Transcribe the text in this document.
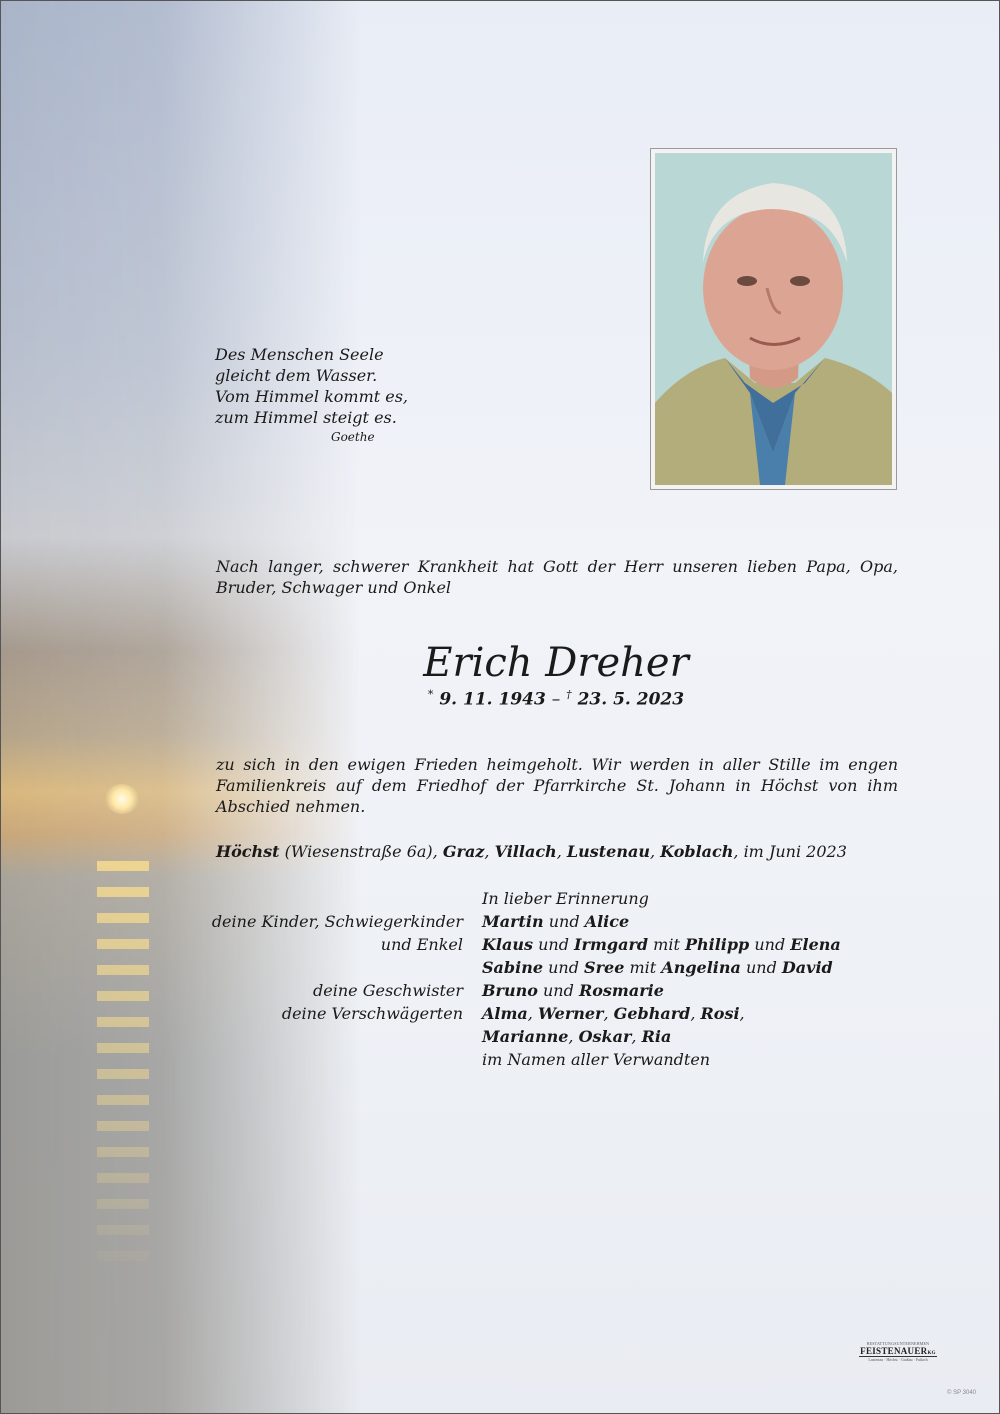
Des Menschen Seele
gleicht dem Wasser.
Vom Himmel kommt es,
zum Himmel steigt es.
Goethe
Nach langer, schwerer Krankheit hat Gott der Herr unseren lieben Papa, Opa, Bruder, Schwager und Onkel
Erich Dreher
* 9. 11. 1943 – † 23. 5. 2023
zu sich in den ewigen Frieden heimgeholt. Wir werden in aller Stille im engen Familienkreis auf dem Friedhof der Pfarrkirche St. Johann in Höchst von ihm Abschied nehmen.
Höchst (Wiesenstraße 6a), Graz, Villach, Lustenau, Koblach, im Juni 2023
In lieber Erinnerung
deine Kinder, Schwiegerkinder Martin und Alice
und Enkel Klaus und Irmgard mit Philipp und Elena
Sabine und Sree mit Angelina und David
deine Geschwister Bruno und Rosmarie
deine Verschwägerten Alma, Werner, Gebhard, Rosi,
Marianne, Oskar, Ria
im Namen aller Verwandten
BESTATTUNGSUNTERNEHMEN
FEISTENAUERKG
Lustenau · Höchst · Gaißau · Fußach
© SP 3040
